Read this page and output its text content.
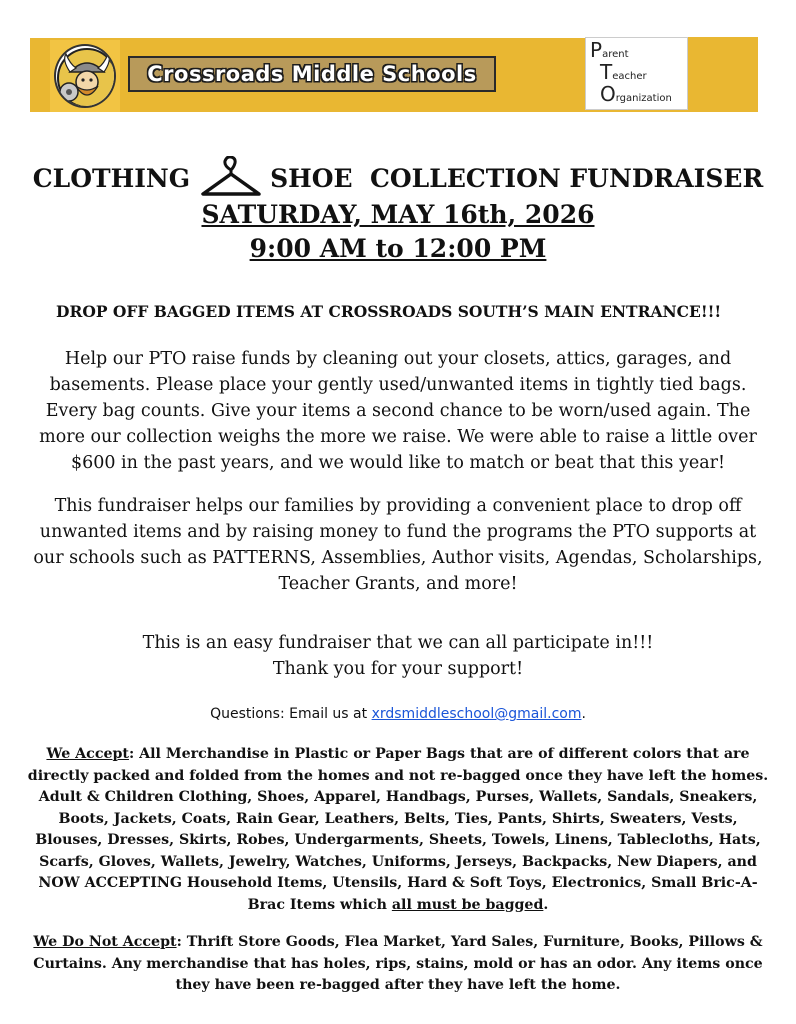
Crossroads Middle Schools
Parent
Teacher
Organization
CLOTHING	SHOE  COLLECTION FUNDRAISER
SATURDAY, MAY 16th, 2026
9:00 AM to 12:00 PM
DROP OFF BAGGED ITEMS AT CROSSROADS SOUTH’S MAIN ENTRANCE!!!
Help our PTO raise funds by cleaning out your closets, attics, garages, and basements. Please place your gently used/unwanted items in tightly tied bags. Every bag counts. Give your items a second chance to be worn/used again. The more our collection weighs the more we raise. We were able to raise a little over $600 in the past years, and we would like to match or beat that this year!
This fundraiser helps our families by providing a convenient place to drop off unwanted items and by raising money to fund the programs the PTO supports at our schools such as PATTERNS, Assemblies, Author visits, Agendas, Scholarships, Teacher Grants, and more!
This is an easy fundraiser that we can all participate in!!!
Thank you for your support!
Questions: Email us at xrdsmiddleschool@gmail.com.
We Accept: All Merchandise in Plastic or Paper Bags that are of different colors that are directly packed and folded from the homes and not re-bagged once they have left the homes. Adult & Children Clothing, Shoes, Apparel, Handbags, Purses, Wallets, Sandals, Sneakers, Boots, Jackets, Coats, Rain Gear, Leathers, Belts, Ties, Pants, Shirts, Sweaters, Vests, Blouses, Dresses, Skirts, Robes, Undergarments, Sheets, Towels, Linens, Tablecloths, Hats, Scarfs, Gloves, Wallets, Jewelry, Watches, Uniforms, Jerseys, Backpacks, New Diapers, and NOW ACCEPTING Household Items, Utensils, Hard & Soft Toys, Electronics, Small Bric-A-Brac Items which all must be bagged.
We Do Not Accept: Thrift Store Goods, Flea Market, Yard Sales, Furniture, Books, Pillows & Curtains. Any merchandise that has holes, rips, stains, mold or has an odor. Any items once they have been re-bagged after they have left the home.
